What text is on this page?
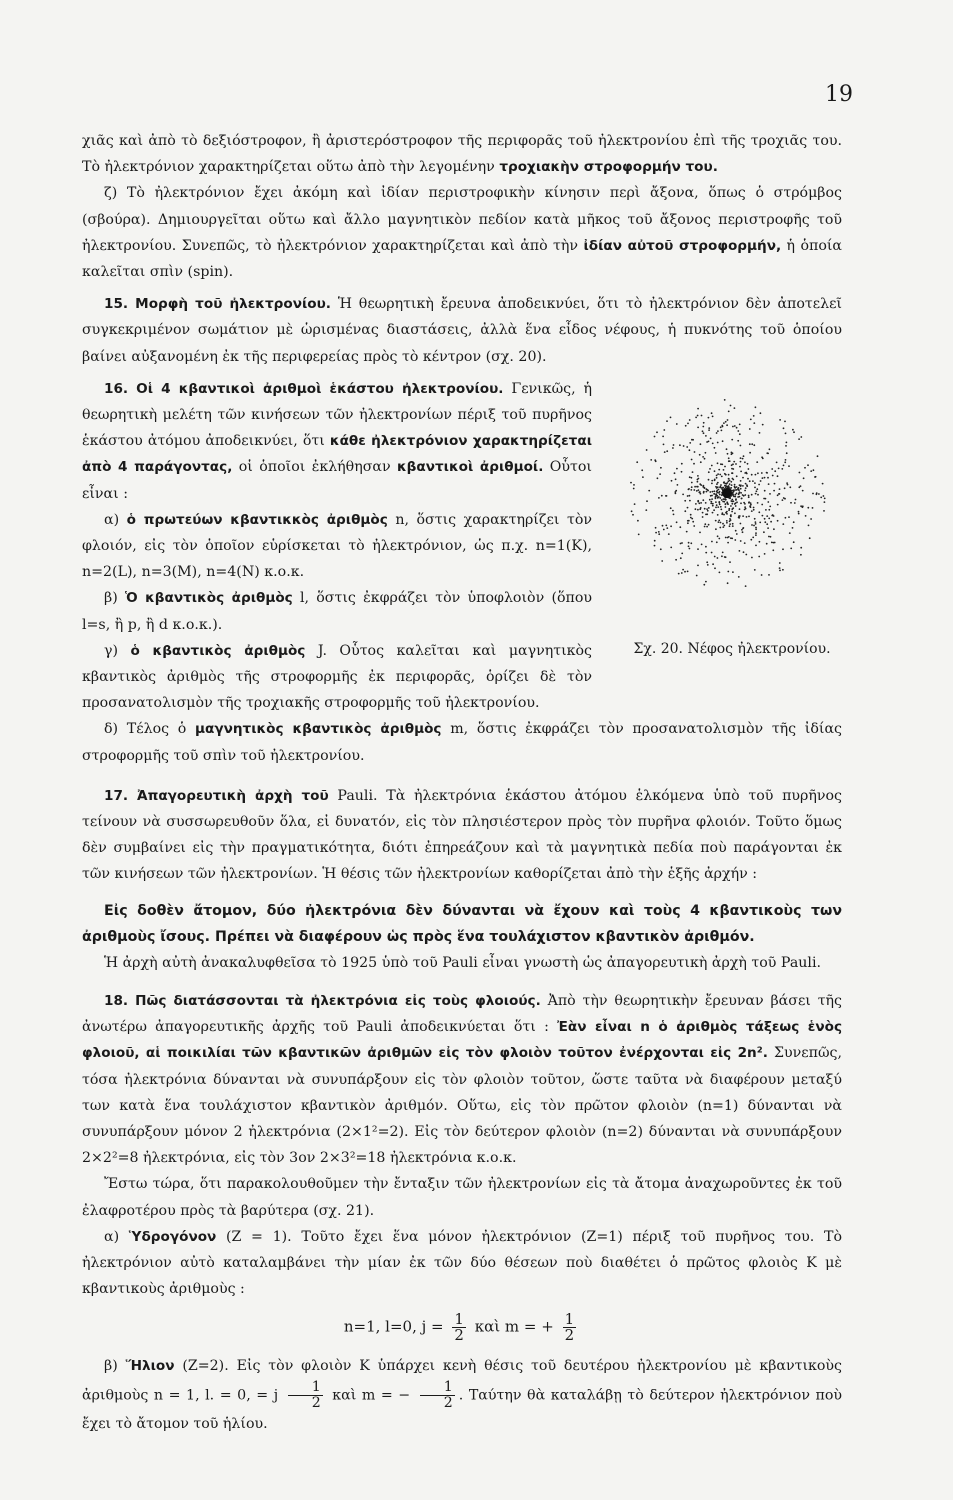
19

χιᾶς καὶ ἀπὸ τὸ δεξιόστροφον, ἢ ἀριστερόστροφον τῆς περιφορᾶς τοῦ ἠλεκτρονίου ἐπὶ τῆς τροχιᾶς του. Τὸ ἠλεκτρόνιον χαρακτηρίζεται οὕτω ἀπὸ τὴν λεγομένην τροχιακὴν στροφορμήν του.

ζ) Τὸ ἠλεκτρόνιον ἔχει ἀκόμη καὶ ἰδίαν περιστροφικὴν κίνησιν περὶ ἄξονα, ὅπως ὁ στρόμβος (σβούρα). Δημιουργεῖται οὕτω καὶ ἄλλο μαγνητικὸν πεδίον κατὰ μῆκος τοῦ ἄξονος περιστροφῆς τοῦ ἠλεκτρονίου. Συνεπῶς, τὸ ἠλεκτρόνιον χαρακτηρίζεται καὶ ἀπὸ τὴν ἰδίαν αὐτοῦ στροφορμήν, ἡ ὁποία καλεῖται σπὶν (spin).

15. Μορφὴ τοῦ ἠλεκτρονίου. Ἡ θεωρητικὴ ἔρευνα ἀποδεικνύει, ὅτι τὸ ἠλεκτρόνιον δὲν ἀποτελεῖ συγκεκριμένον σωμάτιον μὲ ὡρισμένας διαστάσεις, ἀλλὰ ἕνα εἶδος νέφους, ἡ πυκνότης τοῦ ὁποίου βαίνει αὐξανομένη ἐκ τῆς περιφερείας πρὸς τὸ κέντρον (σχ. 20).

Σχ. 20. Νέφος ἠλεκτρονίου.

16. Οἱ 4 κβαντικοὶ ἀριθμοὶ ἑκάστου ἠλεκτρονίου. Γενικῶς, ἡ θεωρητικὴ μελέτη τῶν κινήσεων τῶν ἠλεκτρονίων πέριξ τοῦ πυρῆνος ἑκάστου ἀτόμου ἀποδεικνύει, ὅτι κάθε ἠλεκτρόνιον χαρακτηρίζεται ἀπὸ 4 παράγοντας, οἱ ὁποῖοι ἐκλήθησαν κβαντικοὶ ἀριθμοί. Οὗτοι εἶναι :

α) ὁ πρωτεύων κβαντικκὸς ἀριθμὸς n, ὅστις χαρακτηρίζει τὸν φλοιόν, εἰς τὸν ὁποῖον εὑρίσκεται τὸ ἠλεκτρόνιον, ὡς π.χ. n=1(K), n=2(L), n=3(M), n=4(N) κ.ο.κ.

β) Ὁ κβαντικὸς ἀριθμὸς l, ὅστις ἐκφράζει τὸν ὑποφλοιὸν (ὅπου l=s, ἢ p, ἢ d κ.ο.κ.).

γ) ὁ κβαντικὸς ἀριθμὸς J. Οὗτος καλεῖται καὶ μαγνητικὸς κβαντικὸς ἀριθμὸς τῆς στροφορμῆς ἐκ περιφορᾶς, ὁρίζει δὲ τὸν προσανατολισμὸν τῆς τροχιακῆς στροφορμῆς τοῦ ἠλεκτρονίου.

δ) Τέλος ὁ μαγνητικὸς κβαντικὸς ἀριθμὸς m, ὅστις ἐκφράζει τὸν προσανατολισμὸν τῆς ἰδίας στροφορμῆς τοῦ σπὶν τοῦ ἠλεκτρονίου.

17. Ἀπαγορευτικὴ ἀρχὴ τοῦ Pauli. Τὰ ἠλεκτρόνια ἑκάστου ἀτόμου ἑλκόμενα ὑπὸ τοῦ πυρῆνος τείνουν νὰ συσσωρευθοῦν ὅλα, εἰ δυνατόν, εἰς τὸν πλησιέστερον πρὸς τὸν πυρῆνα φλοιόν. Τοῦτο ὅμως δὲν συμβαίνει εἰς τὴν πραγματικότητα, διότι ἐπηρεάζουν καὶ τὰ μαγνητικὰ πεδία ποὺ παράγονται ἐκ τῶν κινήσεων τῶν ἠλεκτρονίων. Ἡ θέσις τῶν ἠλεκτρονίων καθορίζεται ἀπὸ τὴν ἑξῆς ἀρχήν :

Εἰς δοθὲν ἄτομον, δύο ἠλεκτρόνια δὲν δύνανται νὰ ἔχουν καὶ τοὺς 4 κβαντικοὺς των ἀριθμοὺς ἴσους. Πρέπει νὰ διαφέρουν ὡς πρὸς ἕνα τουλάχιστον κβαντικὸν ἀριθμόν.

Ἡ ἀρχὴ αὐτὴ ἀνακαλυφθεῖσα τὸ 1925 ὑπὸ τοῦ Pauli εἶναι γνωστὴ ὡς ἀπαγορευτικὴ ἀρχὴ τοῦ Pauli.

18. Πῶς διατάσσονται τὰ ἠλεκτρόνια εἰς τοὺς φλοιούς. Ἀπὸ τὴν θεωρητικὴν ἔρευναν βάσει τῆς ἀνωτέρω ἀπαγορευτικῆς ἀρχῆς τοῦ Pauli ἀποδεικνύεται ὅτι : Ἐὰν εἶναι n ὁ ἀριθμὸς τάξεως ἑνὸς φλοιοῦ, αἱ ποικιλίαι τῶν κβαντικῶν ἀριθμῶν εἰς τὸν φλοιὸν τοῦτον ἐνέρχονται εἰς 2n². Συνεπῶς, τόσα ἠλεκτρόνια δύνανται νὰ συνυπάρξουν εἰς τὸν φλοιὸν τοῦτον, ὥστε ταῦτα νὰ διαφέρουν μεταξύ των κατὰ ἕνα τουλάχιστον κβαντικὸν ἀριθμόν. Οὕτω, εἰς τὸν πρῶτον φλοιὸν (n=1) δύνανται νὰ συνυπάρξουν μόνον 2 ἠλεκτρόνια (2×1²=2). Εἰς τὸν δεύτερον φλοιὸν (n=2) δύνανται νὰ συνυπάρξουν 2×2²=8 ἠλεκτρόνια, εἰς τὸν 3ον 2×3²=18 ἠλεκτρόνια κ.ο.κ.

Ἔστω τώρα, ὅτι παρακολουθοῦμεν τὴν ἔνταξιν τῶν ἠλεκτρονίων εἰς τὰ ἄτομα ἀναχωροῦντες ἐκ τοῦ ἐλαφροτέρου πρὸς τὰ βαρύτερα (σχ. 21).

α) Ὑδρογόνον (Z = 1). Τοῦτο ἔχει ἕνα μόνον ἠλεκτρόνιον (Z=1) πέριξ τοῦ πυρῆνος του. Τὸ ἠλεκτρόνιον αὐτὸ καταλαμβάνει τὴν μίαν ἐκ τῶν δύο θέσεων ποὺ διαθέτει ὁ πρῶτος φλοιὸς K μὲ κβαντικοὺς ἀριθμοὺς :

n=1, l=0, $j = \frac{1}{2}$ καὶ m = + $\frac{1}{2}$

β) Ἥλιον (Z=2). Εἰς τὸν φλοιὸν K ὑπάρχει κενὴ θέσις τοῦ δευτέρου ἠλεκτρονίου μὲ κβαντικοὺς ἀριθμοὺς n = 1, l. = 0, = j $\frac{1}{2}$ καὶ m = − $\frac{1}{2}$ . Ταύτην θὰ καταλάβῃ τὸ δεύτερον ἠλεκτρόνιον ποὺ ἔχει τὸ ἄτομον τοῦ ἡλίου.
